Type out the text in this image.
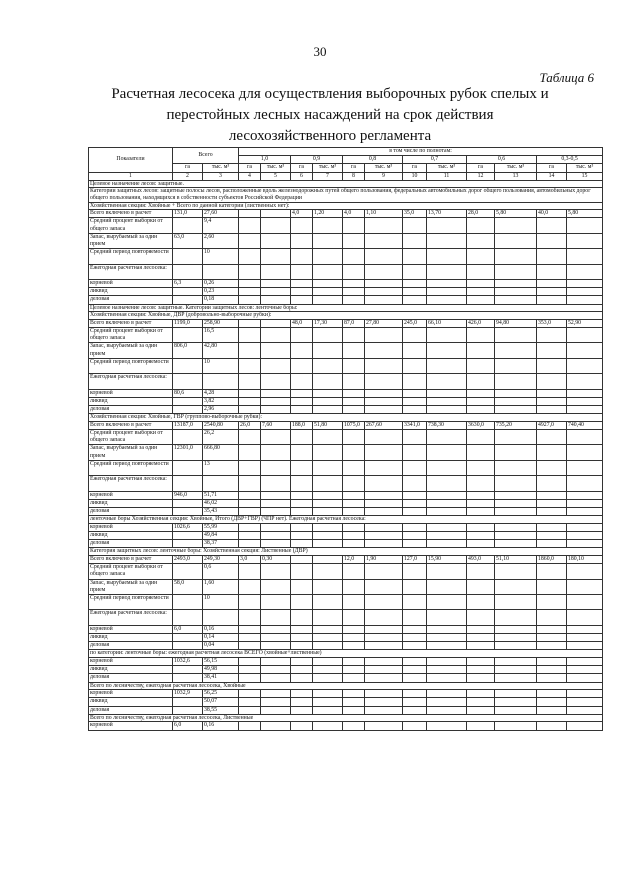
30
Таблица 6
Расчетная лесосека для осуществления выборочных рубок спелых и перестойных лесных насаждений на срок действия лесохозяйственного регламента
Показатели	Всего		в том числе по полнотам:											
			1,0		0,9		0,8		0,7		0,6		0,3-0,5	
	га	тыс. м³	га	тыс. м³	га	тыс. м³	га	тыс. м³	га	тыс. м³	га	тыс. м³	га	тыс. м³
1	2	3	4	5	6	7	8	9	10	11	12	13	14	15
Целевое назначение лесов: защитные.														
Категории защитных лесов: защитные полосы лесов, расположенные вдоль железнодорожных путей общего пользования, федеральных автомобильных дорог общего пользования, автомобильных дорог общего пользования, находящихся в собственности субъектов Российской Федерации														
Хозяйственная секция: Хвойные + Всего по данной категории (лиственных нет):														
Всего включено в расчет	131,0	27,60			4,0	1,20	4,0	1,10	35,0	13,70	28,0	5,80	40,0	5,80
Средний процент выборки от общего запаса		9,4												
Запас, вырубаемый за один прием	63,0	2,60												
Средний период повторяемости		10												
Ежегодная расчетная лесосека:														
корневой	6,3	0,26												
ликвид		0,23												
деловая		0,18												
Целевое назначение лесов: защитные. Категории защитных лесов: ленточные боры:														
Хозяйственная секция: Хвойные, ДВР (добровольно-выборочные рубки):														
Всего включено в расчет	1199,0	258,90			48,0	17,30	87,0	27,80	245,0	66,10	426,0	94,80	353,0	52,90
Средний процент выборки от общего запаса		16,5												
Запас, вырубаемый за один прием	806,0	42,80												
Средний период повторяемости		10												
Ежегодная расчетная лесосека:														
корневой	80,6	4,28												
ликвид		3,82												
деловая		2,96												
Хозяйственная секция: Хвойные, ГВР (группово-выборочные рубки):														
Всего включено в расчет	13187,0	2540,80	26,0	7,60	188,0	51,80	1075,0	267,60	3341,0	738,30	3630,0	735,20	4927,0	740,40
Средний процент выборки от общего запаса		26,2												
Запас, вырубаемый за один прием	12301,0	666,80												
Средний период повторяемости		13												
Ежегодная расчетная лесосека:														
корневой	946,0	51,71												
ликвид		46,02												
деловая		35,43												
ленточные боры Хозяйственная секция: Хвойные, Итого (ДВР+ГВР) (ЧПР нет). Ежегодная расчетная лесосека:														
корневой	1026,6	55,99												
ликвид		49,84												
деловая		38,37												
Категория защитных лесов: ленточные боры: Хозяйственная секция: Лиственные (ДВР)														
Всего включено в расчет	2493,0	249,30	3,0	0,30			12,0	1,90	127,0	15,90	493,0	51,10	1860,0	180,10
Средний процент выборки от общего запаса		0,6												
Запас, вырубаемый за один прием	58,0	1,60												
Средний период повторяемости		10												
Ежегодная расчетная лесосека:														
корневой	6,0	0,16												
ликвид		0,14												
деловая		0,04												
по категории: ленточные боры: ежегодная расчетная лесосека ВСЕГО (хвойные+лиственные)														
корневой	1032,6	56,15												
ликвид		49,98												
деловая		38,41												
Всего по лесничеству, ежегодная расчетная лесосека, Хвойные														
корневой	1032,9	56,25												
ликвид		50,07												
деловая		38,55												
Всего по лесничеству, ежегодная расчетная лесосека, Лиственные														
корневой	6,0	0,16												
